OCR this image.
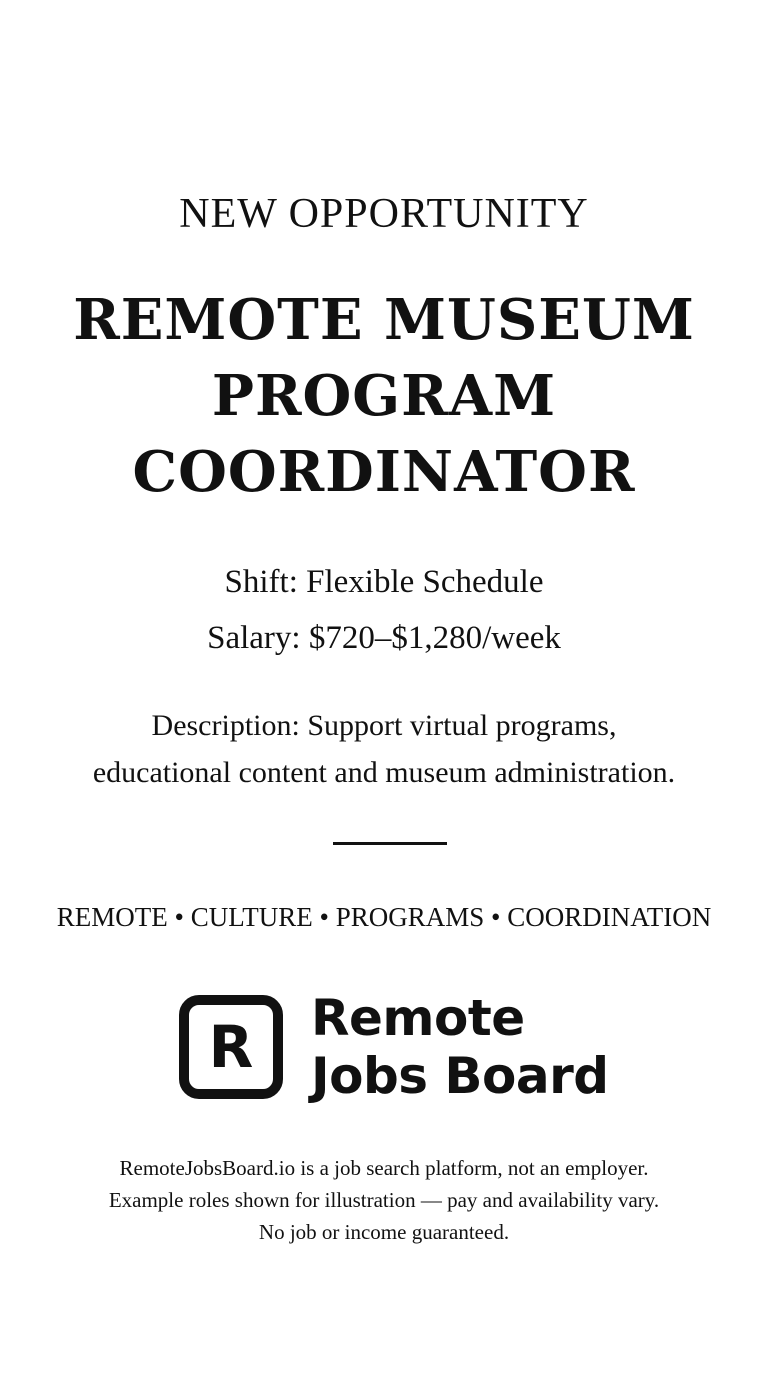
NEW OPPORTUNITY
REMOTE MUSEUM
PROGRAM
COORDINATOR
Shift: Flexible Schedule
Salary: $720–$1,280/week
Description: Support virtual programs,
educational content and museum administration.
REMOTE • CULTURE • PROGRAMS • COORDINATION
R	Remote
Jobs Board
RemoteJobsBoard.io is a job search platform, not an employer.
Example roles shown for illustration — pay and availability vary.
No job or income guaranteed.
